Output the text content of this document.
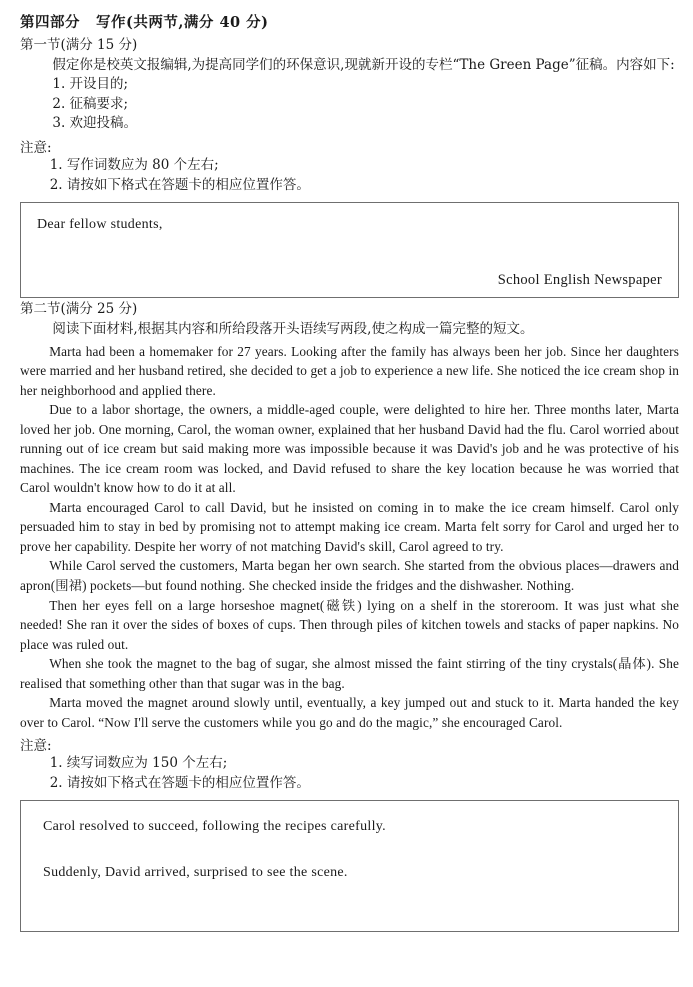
第四部分 写作(共两节,满分 40 分)
第一节(满分 15 分)

假定你是校英文报编辑,为提高同学们的环保意识,现就新开设的专栏“The Green Page”征稿。内容如下:

1. 开设目的;
2. 征稿要求;
3. 欢迎投稿。
注意:
1. 写作词数应为 80 个左右;
2. 请按如下格式在答题卡的相应位置作答。
Dear fellow students,
School English Newspaper
第二节(满分 25 分)

阅读下面材料,根据其内容和所给段落开头语续写两段,使之构成一篇完整的短文。

Marta had been a homemaker for 27 years. Looking after the family has always been her job. Since her daughters were married and her husband retired, she decided to get a job to experience a new life. She noticed the ice cream shop in her neighborhood and applied there.

Due to a labor shortage, the owners, a middle-aged couple, were delighted to hire her. Three months later, Marta loved her job. One morning, Carol, the woman owner, explained that her husband David had the flu. Carol worried about running out of ice cream but said making more was impossible because it was David's job and he was protective of his machines. The ice cream room was locked, and David refused to share the key location because he was worried that Carol wouldn't know how to do it at all.

Marta encouraged Carol to call David, but he insisted on coming in to make the ice cream himself. Carol only persuaded him to stay in bed by promising not to attempt making ice cream. Marta felt sorry for Carol and urged her to prove her capability. Despite her worry of not matching David's skill, Carol agreed to try.

While Carol served the customers, Marta began her own search. She started from the obvious places—drawers and apron(围裙) pockets—but found nothing. She checked inside the fridges and the dishwasher. Nothing.

Then her eyes fell on a large horseshoe magnet(磁铁) lying on a shelf in the storeroom. It was just what she needed! She ran it over the sides of boxes of cups. Then through piles of kitchen towels and stacks of paper napkins. No place was ruled out.

When she took the magnet to the bag of sugar, she almost missed the faint stirring of the tiny crystals(晶体). She realised that something other than that sugar was in the bag.

Marta moved the magnet around slowly until, eventually, a key jumped out and stuck to it. Marta handed the key over to Carol. “Now I'll serve the customers while you go and do the magic,” she encouraged Carol.

注意:
1. 续写词数应为 150 个左右;
2. 请按如下格式在答题卡的相应位置作答。
Carol resolved to succeed, following the recipes carefully.
Suddenly, David arrived, surprised to see the scene.
